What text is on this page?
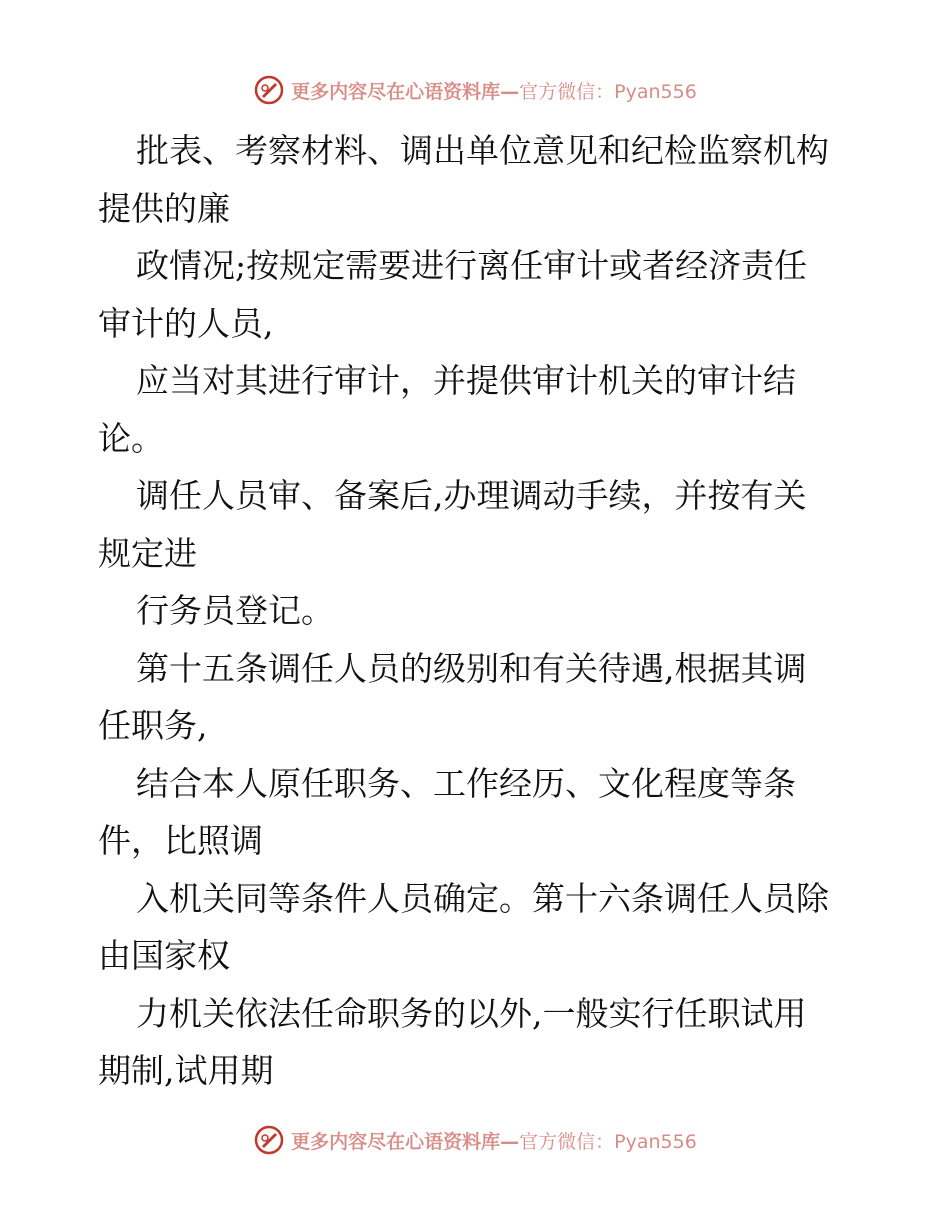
更多内容尽在心语资料库—官方微信：Pyan556
批表、考察材料、调出单位意见和纪检监察机构
提供的廉
政情况;按规定需要进行离任审计或者经济责任
审计的人员,
应当对其进行审计，并提供审计机关的审计结
论。
调任人员审、备案后,办理调动手续，并按有关
规定进
行务员登记。
第十五条调任人员的级别和有关待遇,根据其调
任职务,
结合本人原任职务、工作经历、文化程度等条
件，比照调
入机关同等条件人员确定。第十六条调任人员除
由国家权
力机关依法任命职务的以外,一般实行任职试用
期制,试用期
更多内容尽在心语资料库—官方微信：Pyan556
